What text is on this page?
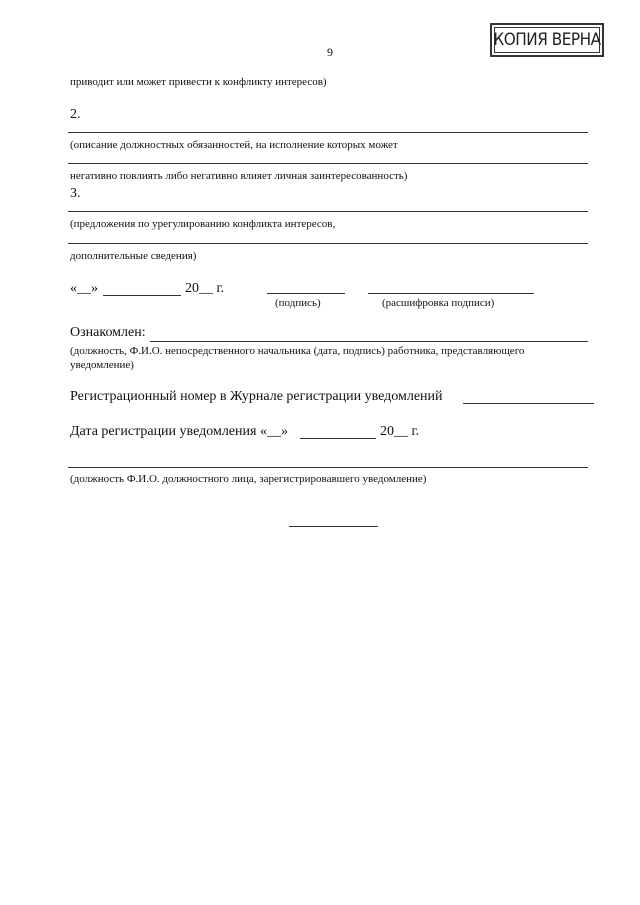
КОПИЯ ВЕРНА
9
приводит или может привести к конфликту интересов)
2.
(описание должностных обязанностей, на исполнение которых может
негативно повлиять либо негативно влияет личная заинтересованность)
3.
(предложения по урегулированию конфликта интересов,
дополнительные сведения)
«__»	20__ г.
(подпись)	(расшифровка подписи)
Ознакомлен:
(должность, Ф.И.О. непосредственного начальника (дата, подпись) работника, представляющего
уведомление)
Регистрационный номер в Журнале регистрации уведомлений
Дата регистрации уведомления «__»	20__ г.
(должность Ф.И.О. должностного лица, зарегистрировавшего уведомление)
